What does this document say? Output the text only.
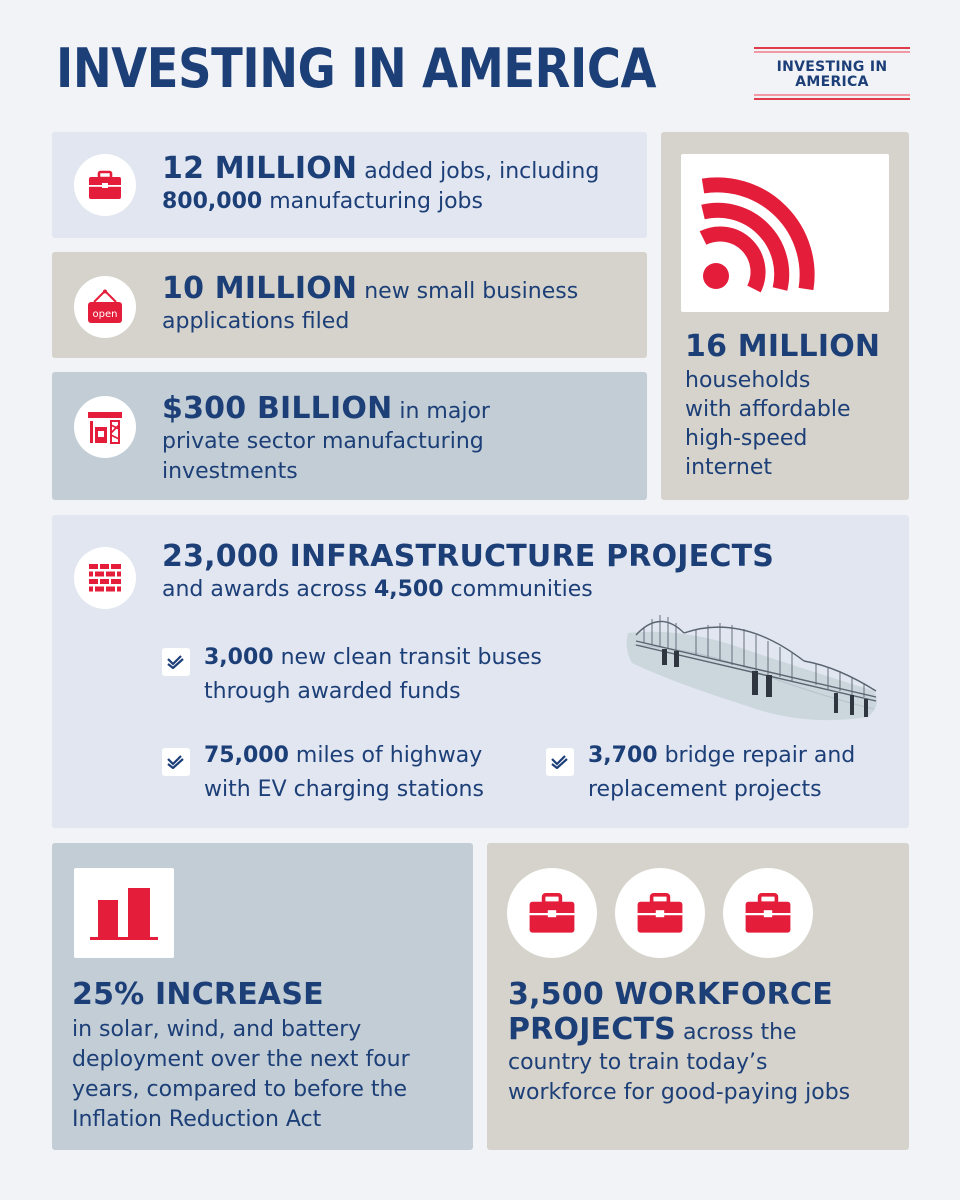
INVESTING IN AMERICA	INVESTING IN
AMERICA
12 MILLION added jobs, including
800,000 manufacturing jobs
open
10 MILLION new small business
applications filed
$300 BILLION in major
private sector manufacturing
investments
16 MILLION
households
with affordable
high-speed
internet
23,000 INFRASTRUCTURE PROJECTS
and awards across 4,500 communities
3,000 new clean transit buses
through awarded funds
75,000 miles of highway
with EV charging stations
3,700 bridge repair and
replacement projects
25% INCREASE
in solar, wind, and battery
deployment over the next four
years, compared to before the
Inflation Reduction Act
3,500 WORKFORCE
PROJECTS across the
country to train today’s
workforce for good-paying jobs
